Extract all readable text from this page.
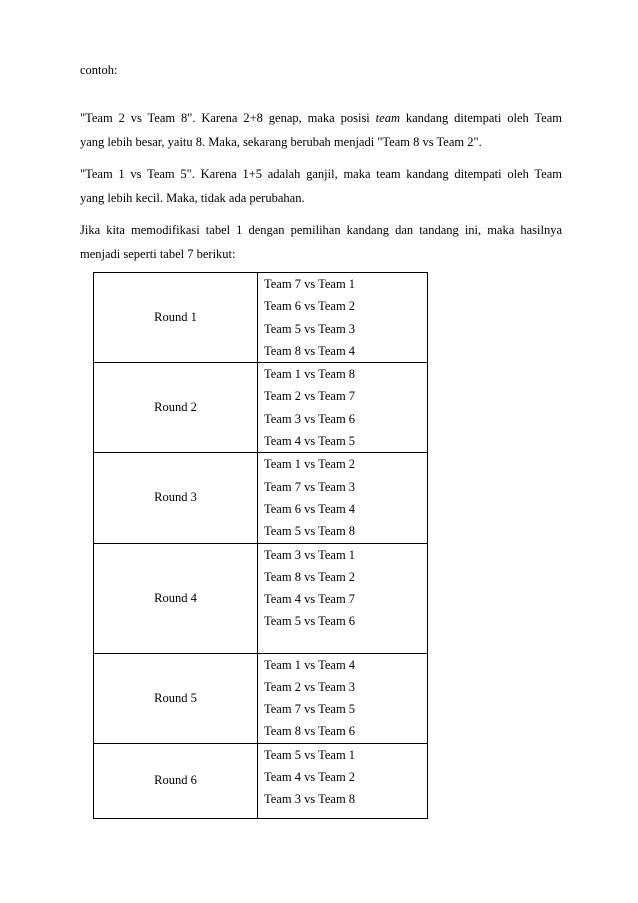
contoh:

"Team 2 vs Team 8". Karena 2+8 genap, maka posisi team kandang ditempati oleh Team
yang lebih besar, yaitu 8. Maka, sekarang berubah menjadi "Team 8 vs Team 2".

"Team 1 vs Team 5". Karena 1+5 adalah ganjil, maka team kandang ditempati oleh Team
yang lebih kecil. Maka, tidak ada perubahan.

Jika kita memodifikasi tabel 1 dengan pemilihan kandang dan tandang ini, maka hasilnya
menjadi seperti tabel 7 berikut:

Round 1	Team 7 vs Team 1
Team 6 vs Team 2
Team 5 vs Team 3
Team 8 vs Team 4

Round 2	Team 1 vs Team 8
Team 2 vs Team 7
Team 3 vs Team 6
Team 4 vs Team 5

Round 3	Team 1 vs Team 2
Team 7 vs Team 3
Team 6 vs Team 4
Team 5 vs Team 8

Round 4	Team 3 vs Team 1
Team 8 vs Team 2
Team 4 vs Team 7
Team 5 vs Team 6

Round 5	Team 1 vs Team 4
Team 2 vs Team 3
Team 7 vs Team 5
Team 8 vs Team 6

Round 6	Team 5 vs Team 1
Team 4 vs Team 2
Team 3 vs Team 8
